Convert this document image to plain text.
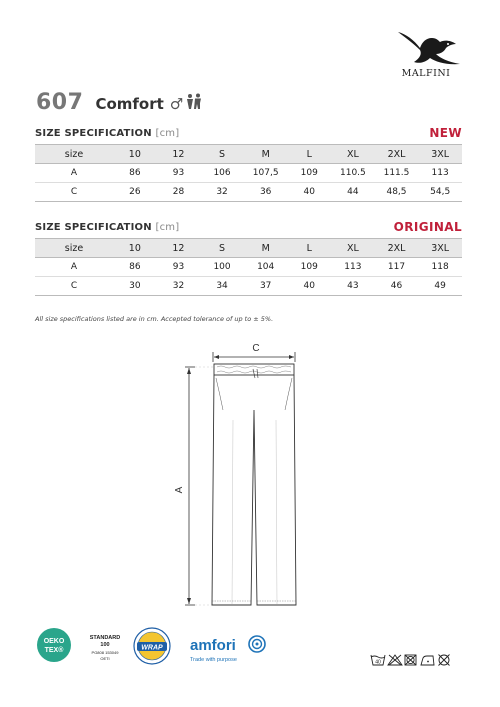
MALFINI
607 Comfort ♂
SIZE SPECIFICATION [cm]	NEW
size	10	12	S	M	L	XL	2XL	3XL
A	86	93	106	107,5	109	110.5	111.5	113
C	26	28	32	36	40	44	48,5	54,5
SIZE SPECIFICATION [cm]	ORIGINAL
size	10	12	S	M	L	XL	2XL	3XL
A	86	93	100	104	109	113	117	118
C	30	32	34	37	40	43	46	49
All size specifications listed are in cm. Accepted tolerance of up to ± 5%.
C
A
OEKO
TEX®
STANDARD
100
PG808 153049
OETI
WRAP amfori
Trade with purpose	40
